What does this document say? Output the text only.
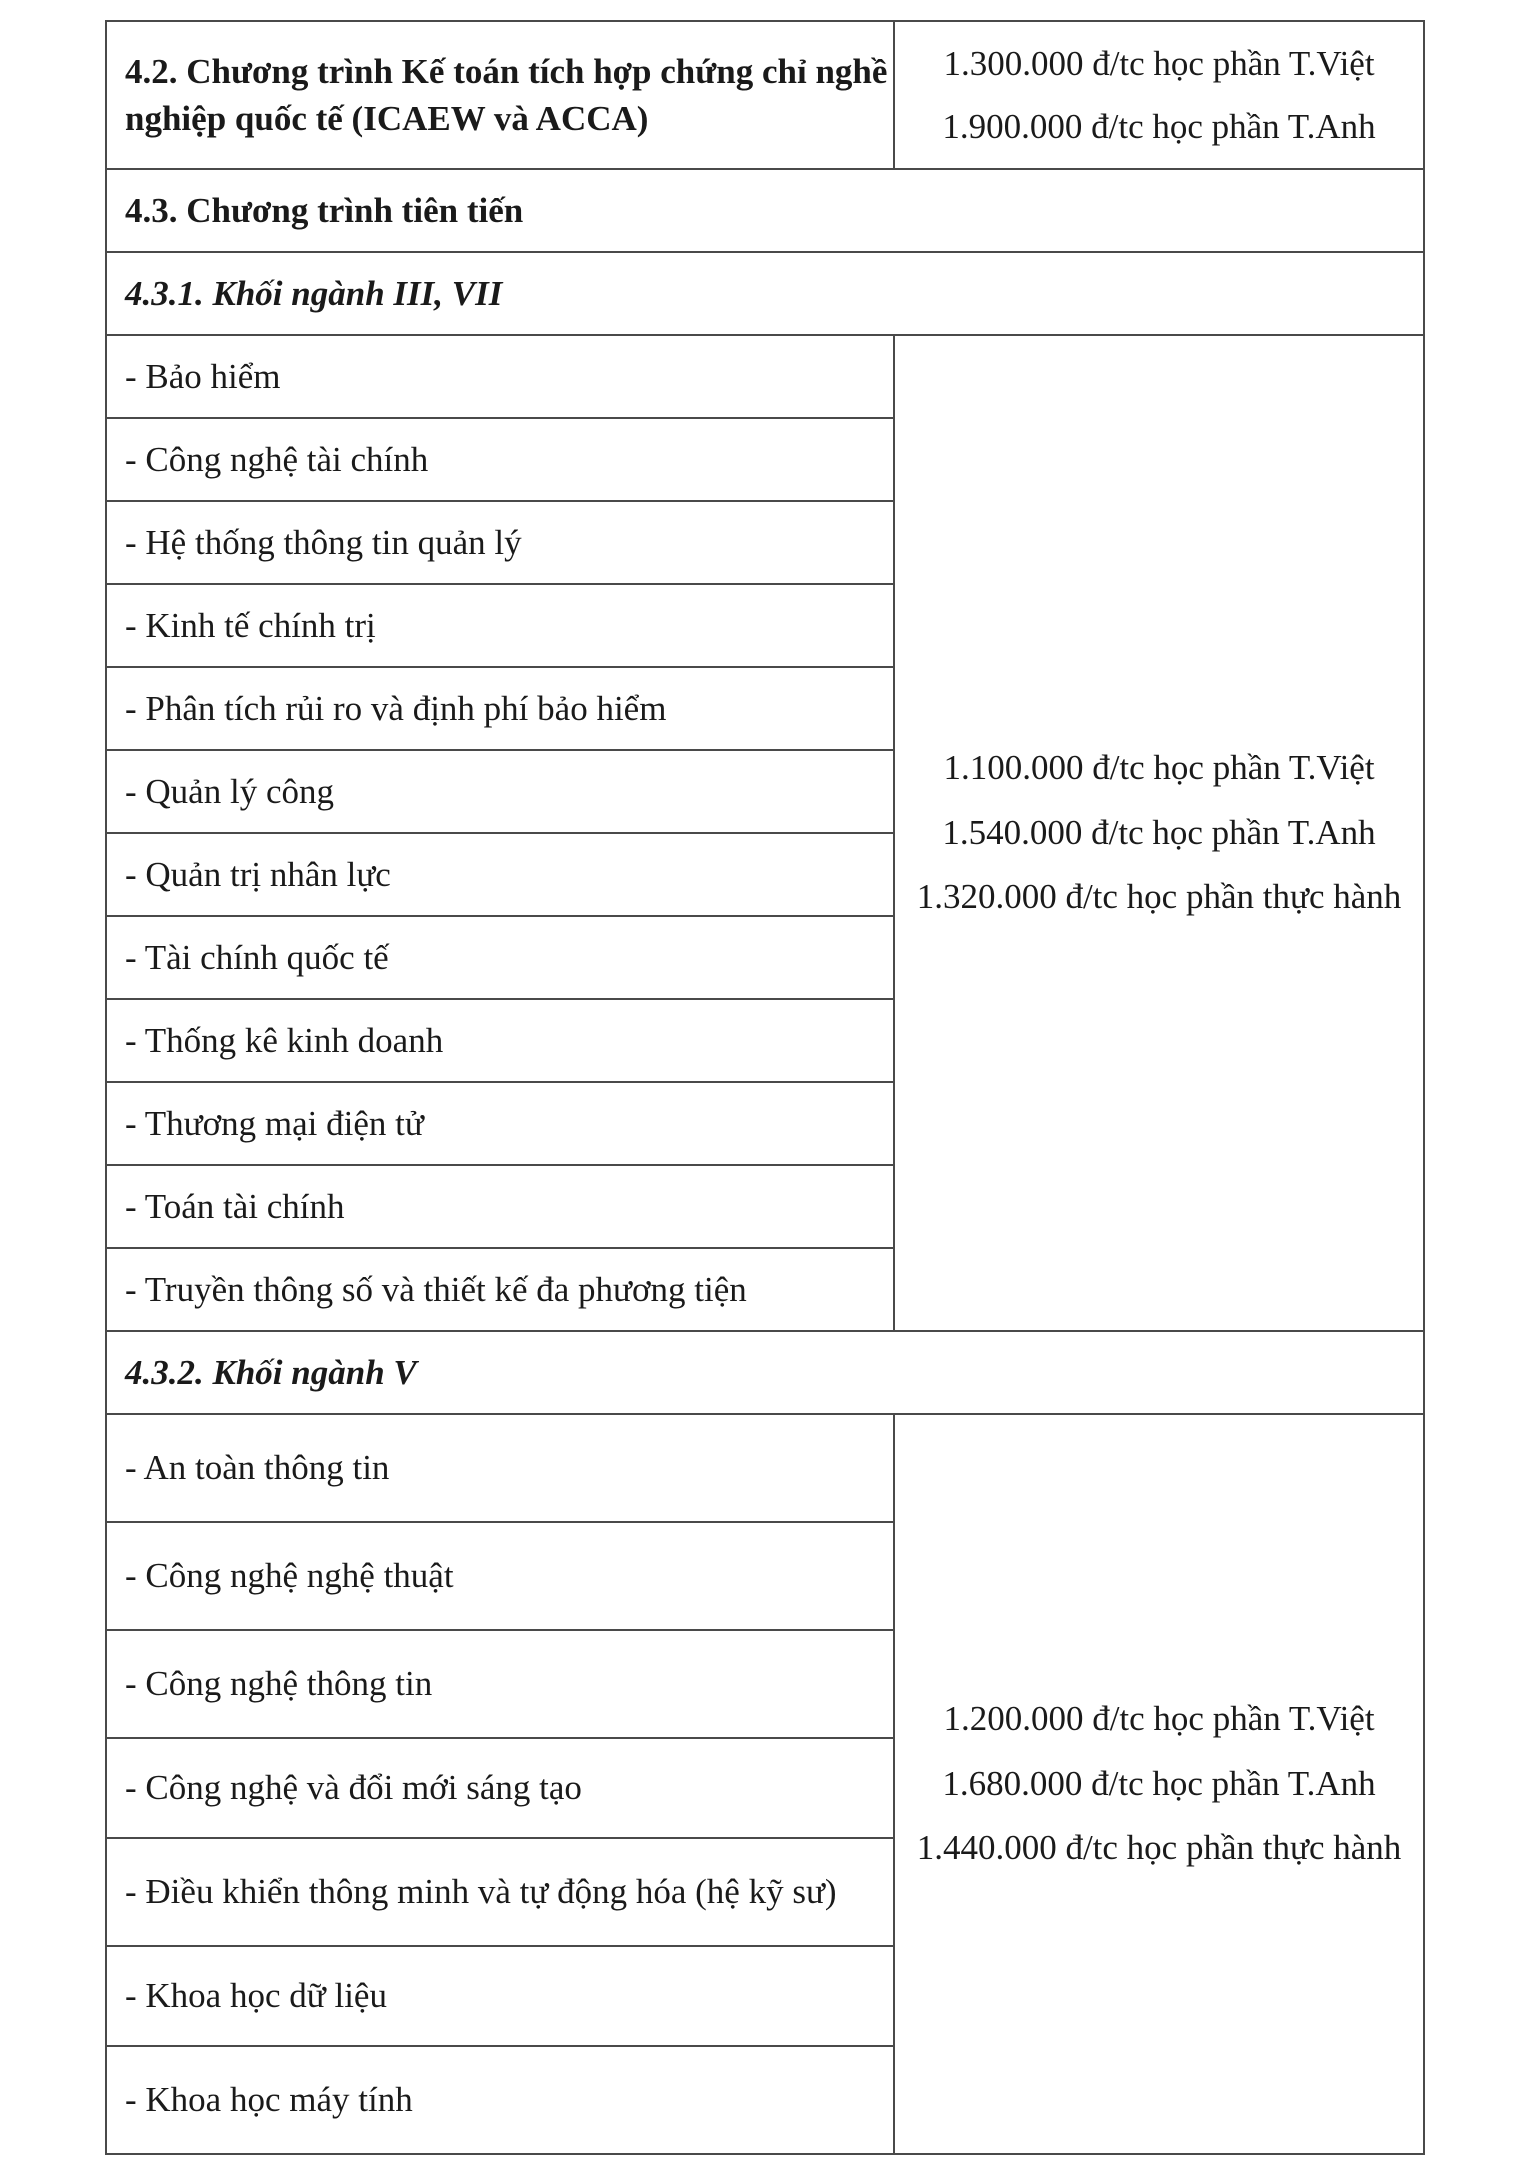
4.2. Chương trình Kế toán tích hợp chứng chỉ nghề nghiệp quốc tế (ICAEW và ACCA)	1.300.000 đ/tc học phần T.Việt
1.900.000 đ/tc học phần T.Anh

4.3. Chương trình tiên tiến	
4.3.1. Khối ngành III, VII	
- Bảo hiểm	1.100.000 đ/tc học phần T.Việt
1.540.000 đ/tc học phần T.Anh
1.320.000 đ/tc học phần thực hành

- Công nghệ tài chính	
- Hệ thống thông tin quản lý	
- Kinh tế chính trị	
- Phân tích rủi ro và định phí bảo hiểm	
- Quản lý công	
- Quản trị nhân lực	
- Tài chính quốc tế	
- Thống kê kinh doanh	
- Thương mại điện tử	
- Toán tài chính	
- Truyền thông số và thiết kế đa phương tiện	
4.3.2. Khối ngành V	
- An toàn thông tin	1.200.000 đ/tc học phần T.Việt
1.680.000 đ/tc học phần T.Anh
1.440.000 đ/tc học phần thực hành

- Công nghệ nghệ thuật	
- Công nghệ thông tin	
- Công nghệ và đổi mới sáng tạo	
- Điều khiển thông minh và tự động hóa (hệ kỹ sư)	
- Khoa học dữ liệu	
- Khoa học máy tính	
